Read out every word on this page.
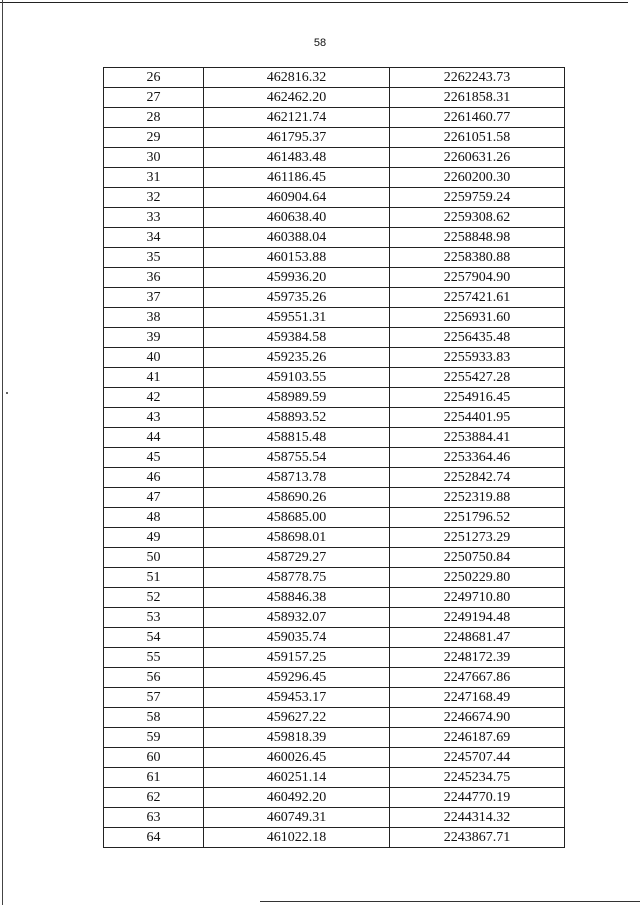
58
26	462816.32	2262243.73
27	462462.20	2261858.31
28	462121.74	2261460.77
29	461795.37	2261051.58
30	461483.48	2260631.26
31	461186.45	2260200.30
32	460904.64	2259759.24
33	460638.40	2259308.62
34	460388.04	2258848.98
35	460153.88	2258380.88
36	459936.20	2257904.90
37	459735.26	2257421.61
38	459551.31	2256931.60
39	459384.58	2256435.48
40	459235.26	2255933.83
41	459103.55	2255427.28
42	458989.59	2254916.45
43	458893.52	2254401.95
44	458815.48	2253884.41
45	458755.54	2253364.46
46	458713.78	2252842.74
47	458690.26	2252319.88
48	458685.00	2251796.52
49	458698.01	2251273.29
50	458729.27	2250750.84
51	458778.75	2250229.80
52	458846.38	2249710.80
53	458932.07	2249194.48
54	459035.74	2248681.47
55	459157.25	2248172.39
56	459296.45	2247667.86
57	459453.17	2247168.49
58	459627.22	2246674.90
59	459818.39	2246187.69
60	460026.45	2245707.44
61	460251.14	2245234.75
62	460492.20	2244770.19
63	460749.31	2244314.32
64	461022.18	2243867.71
